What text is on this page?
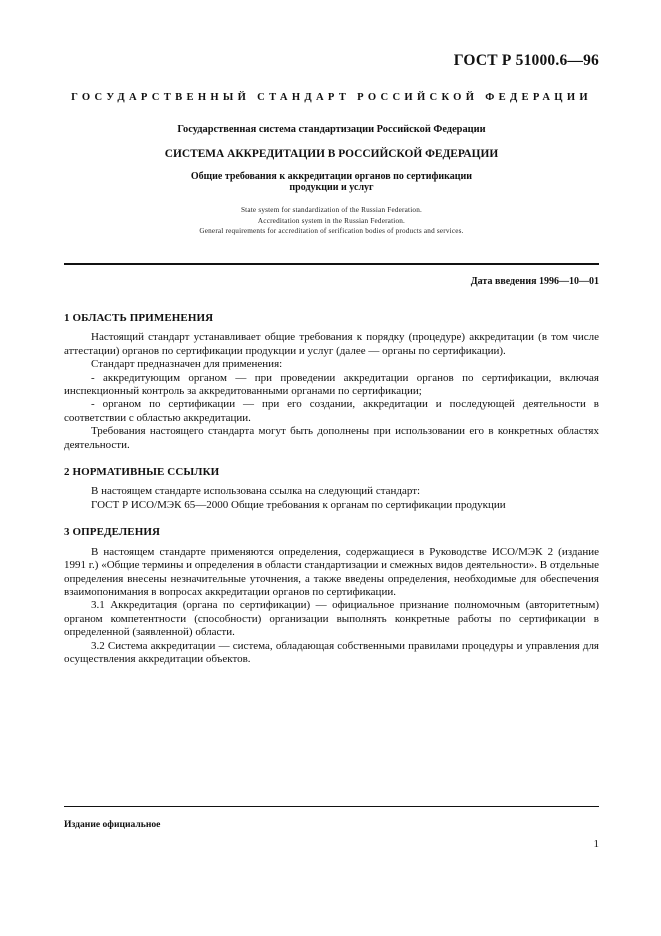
ГОСТ Р 51000.6—96
ГОСУДАРСТВЕННЫЙ СТАНДАРТ РОССИЙСКОЙ ФЕДЕРАЦИИ

Государственная система стандартизации Российской Федерации

СИСТЕМА АККРЕДИТАЦИИ В РОССИЙСКОЙ ФЕДЕРАЦИИ

Общие требования к аккредитации органов по сертификации
продукции и услуг

State system for standardization of the Russian Federation.
Accreditation system in the Russian Federation.
General requirements for accreditation of serification bodies of products and services.

Дата введения 1996—10—01
1 ОБЛАСТЬ ПРИМЕНЕНИЯ

Настоящий стандарт устанавливает общие требования к порядку (процедуре) аккредитации (в том числе аттестации) органов по сертификации продукции и услуг (далее — органы по сертификации).

Стандарт предназначен для применения:

- аккредитующим органом — при проведении аккредитации органов по сертификации, включая инспекционный контроль за аккредитованными органами по сертификации;

- органом по сертификации — при его создании, аккредитации и последующей деятельности в соответствии с областью аккредитации.

Требования настоящего стандарта могут быть дополнены при использовании его в конкретных областях деятельности.

2 НОРМАТИВНЫЕ ССЫЛКИ

В настоящем стандарте использована ссылка на следующий стандарт:

ГОСТ Р ИСО/МЭК 65—2000 Общие требования к органам по сертификации продукции

3 ОПРЕДЕЛЕНИЯ

В настоящем стандарте применяются определения, содержащиеся в Руководстве ИСО/МЭК 2 (издание 1991 г.) «Общие термины и определения в области стандартизации и смежных видов деятельности». В отдельные определения внесены незначительные уточнения, а также введены определения, необходимые для обеспечения взаимопонимания в вопросах аккредитации органов по сертификации.

3.1 Аккредитация (органа по сертификации) — официальное признание полномочным (авторитетным) органом компетентности (способности) организации выполнять конкретные работы по сертификации в определенной (заявленной) области.

3.2 Система аккредитации — система, обладающая собственными правилами процедуры и управления для осуществления аккредитации объектов.

Издание официальное
1
